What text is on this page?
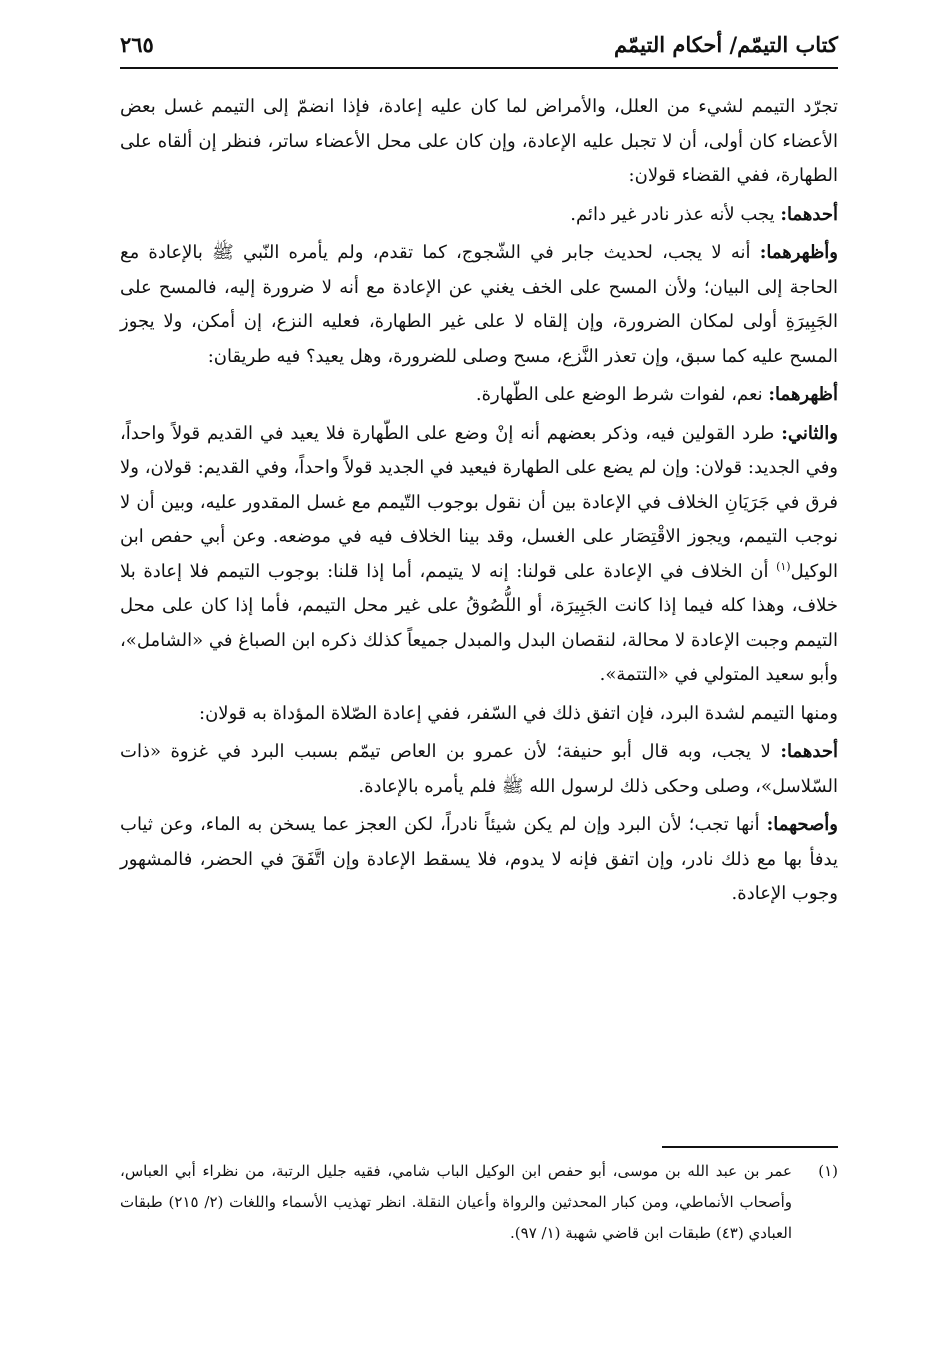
كتاب التيمّم/ أحكام التيمّم
٢٦٥

تجرّد التيمم لشيء من العلل، والأمراض لما كان عليه إعادة، فإذا انضمّ إلى التيمم غسل بعض الأعضاء كان أولى، أن لا تجبل عليه الإعادة، وإن كان على محل الأعضاء ساتر، فنظر إن ألقاه على الطهارة، ففي القضاء قولان:

أحدهما: يجب لأنه عذر نادر غير دائم.

وأظهرهما: أنه لا يجب، لحديث جابر في الشّجوج، كما تقدم، ولم يأمره النّبي ﷺ بالإعادة مع الحاجة إلى البيان؛ ولأن المسح على الخف يغني عن الإعادة مع أنه لا ضرورة إليه، فالمسح على الجَبِيرَةِ أولى لمكان الضرورة، وإن إلقاه لا على غير الطهارة، فعليه النزع، إن أمكن، ولا يجوز المسح عليه كما سبق، وإن تعذر النَّزع، مسح وصلى للضرورة، وهل يعيد؟ فيه طريقان:

أظهرهما: نعم، لفوات شرط الوضع على الطّهارة.

والثاني: طرد القولين فيه، وذكر بعضهم أنه إنْ وضع على الطّهارة فلا يعيد في القديم قولاً واحداً، وفي الجديد: قولان: وإن لم يضع على الطهارة فيعيد في الجديد قولاً واحداً، وفي القديم: قولان، ولا فرق في جَرَيَانِ الخلاف في الإعادة بين أن نقول بوجوب التّيمم مع غسل المقدور عليه، وبين أن لا نوجب التيمم، ويجوز الاقْتِصَار على الغسل، وقد بينا الخلاف فيه في موضعه. وعن أبي حفص ابن الوكيل$^{(١)}$ أن الخلاف في الإعادة على قولنا: إنه لا يتيمم، أما إذا قلنا: بوجوب التيمم فلا إعادة بلا خلاف، وهذا كله فيما إذا كانت الجَبِيرَة، أو اللُّصُوقُ على غير محل التيمم، فأما إذا كان على محل التيمم وجبت الإعادة لا محالة، لنقصان البدل والمبدل جميعاً كذلك ذكره ابن الصباغ في «الشامل»، وأبو سعيد المتولي في «التتمة».

ومنها التيمم لشدة البرد، فإن اتفق ذلك في السّفر، ففي إعادة الصّلاة المؤداة به قولان:

أحدهما: لا يجب، وبه قال أبو حنيفة؛ لأن عمرو بن العاص تيمّم بسبب البرد في غزوة «ذات السّلاسل»، وصلى وحكى ذلك لرسول الله ﷺ فلم يأمره بالإعادة.

وأصحهما: أنها تجب؛ لأن البرد وإن لم يكن شيئاً نادراً، لكن العجز عما يسخن به الماء، وعن ثياب يدفأ بها مع ذلك نادر، وإن اتفق فإنه لا يدوم، فلا يسقط الإعادة وإن اتَّفَقَ في الحضر، فالمشهور وجوب الإعادة.

(١)
عمر بن عبد الله بن موسى، أبو حفص ابن الوكيل الباب شامي، فقيه جليل الرتبة، من نظراء أبي العباس، وأصحاب الأنماطي، ومن كبار المحدثين والرواة وأعيان النقلة. انظر تهذيب الأسماء واللغات (٢/ ٢١٥) طبقات العبادي (٤٣) طبقات ابن قاضي شهبة (١/ ٩٧).
